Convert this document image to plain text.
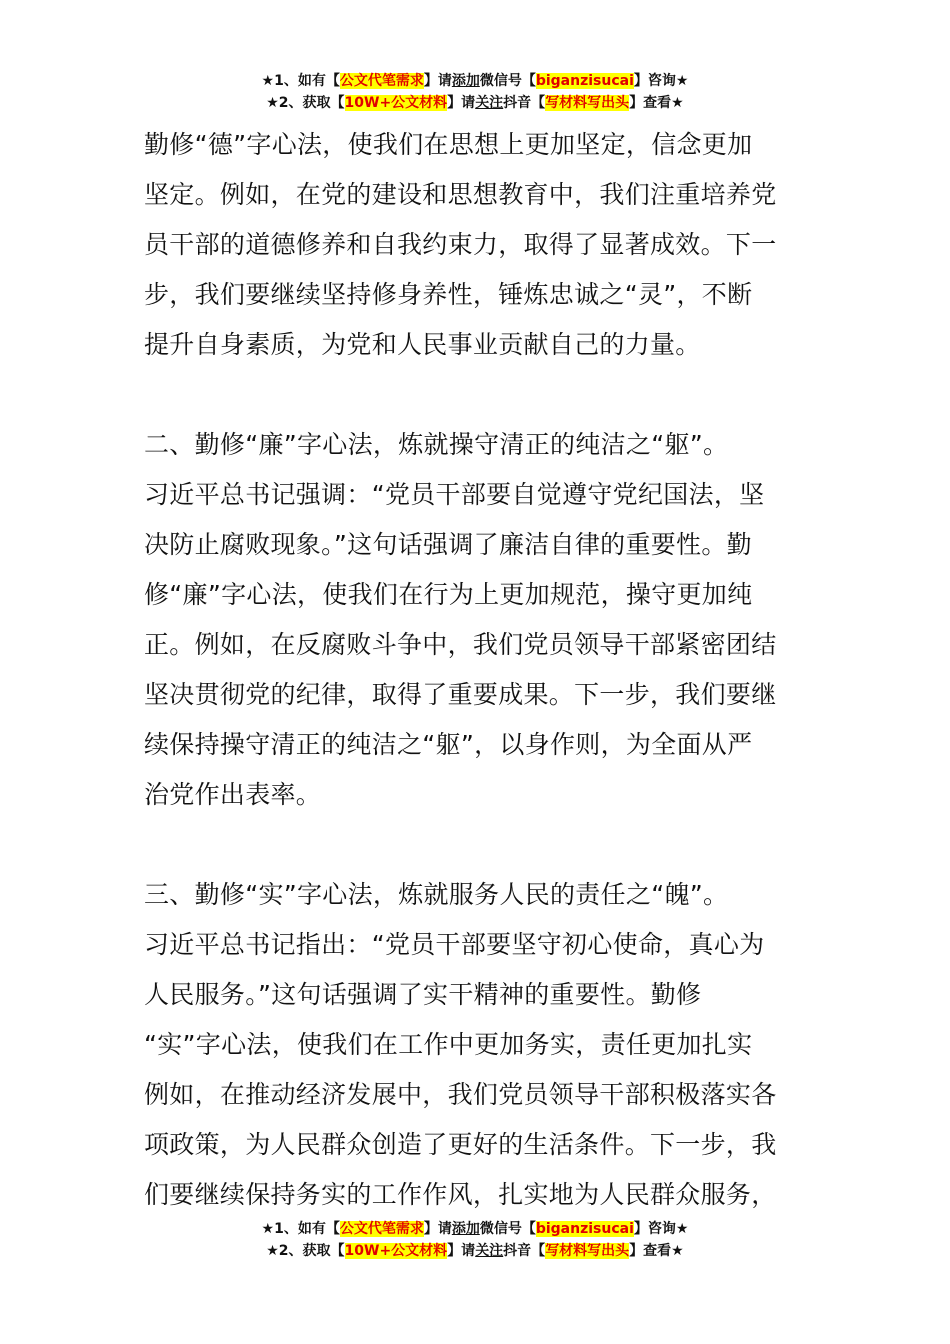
★1、如有【公文代笔需求】请添加微信号【biganzisucai】咨询★
★2、获取【10W+公文材料】请关注抖音【写材料写出头】查看★
勤修“德”字心法，使我们在思想上更加坚定，信念更加
坚定。例如，在党的建设和思想教育中，我们注重培养党
员干部的道德修养和自我约束力，取得了显著成效。下一
步，我们要继续坚持修身养性，锤炼忠诚之“灵”，不断
提升自身素质，为党和人民事业贡献自己的力量。
二、勤修“廉”字心法，炼就操守清正的纯洁之“躯”。
习近平总书记强调：“党员干部要自觉遵守党纪国法，坚
决防止腐败现象。”这句话强调了廉洁自律的重要性。勤
修“廉”字心法，使我们在行为上更加规范，操守更加纯
正。例如，在反腐败斗争中，我们党员领导干部紧密团结
坚决贯彻党的纪律，取得了重要成果。下一步，我们要继
续保持操守清正的纯洁之“躯”，以身作则，为全面从严
治党作出表率。
三、勤修“实”字心法，炼就服务人民的责任之“魄”。
习近平总书记指出：“党员干部要坚守初心使命，真心为
人民服务。”这句话强调了实干精神的重要性。勤修
“实”字心法，使我们在工作中更加务实，责任更加扎实
例如，在推动经济发展中，我们党员领导干部积极落实各
项政策，为人民群众创造了更好的生活条件。下一步，我
们要继续保持务实的工作作风，扎实地为人民群众服务，
★1、如有【公文代笔需求】请添加微信号【biganzisucai】咨询★
★2、获取【10W+公文材料】请关注抖音【写材料写出头】查看★
